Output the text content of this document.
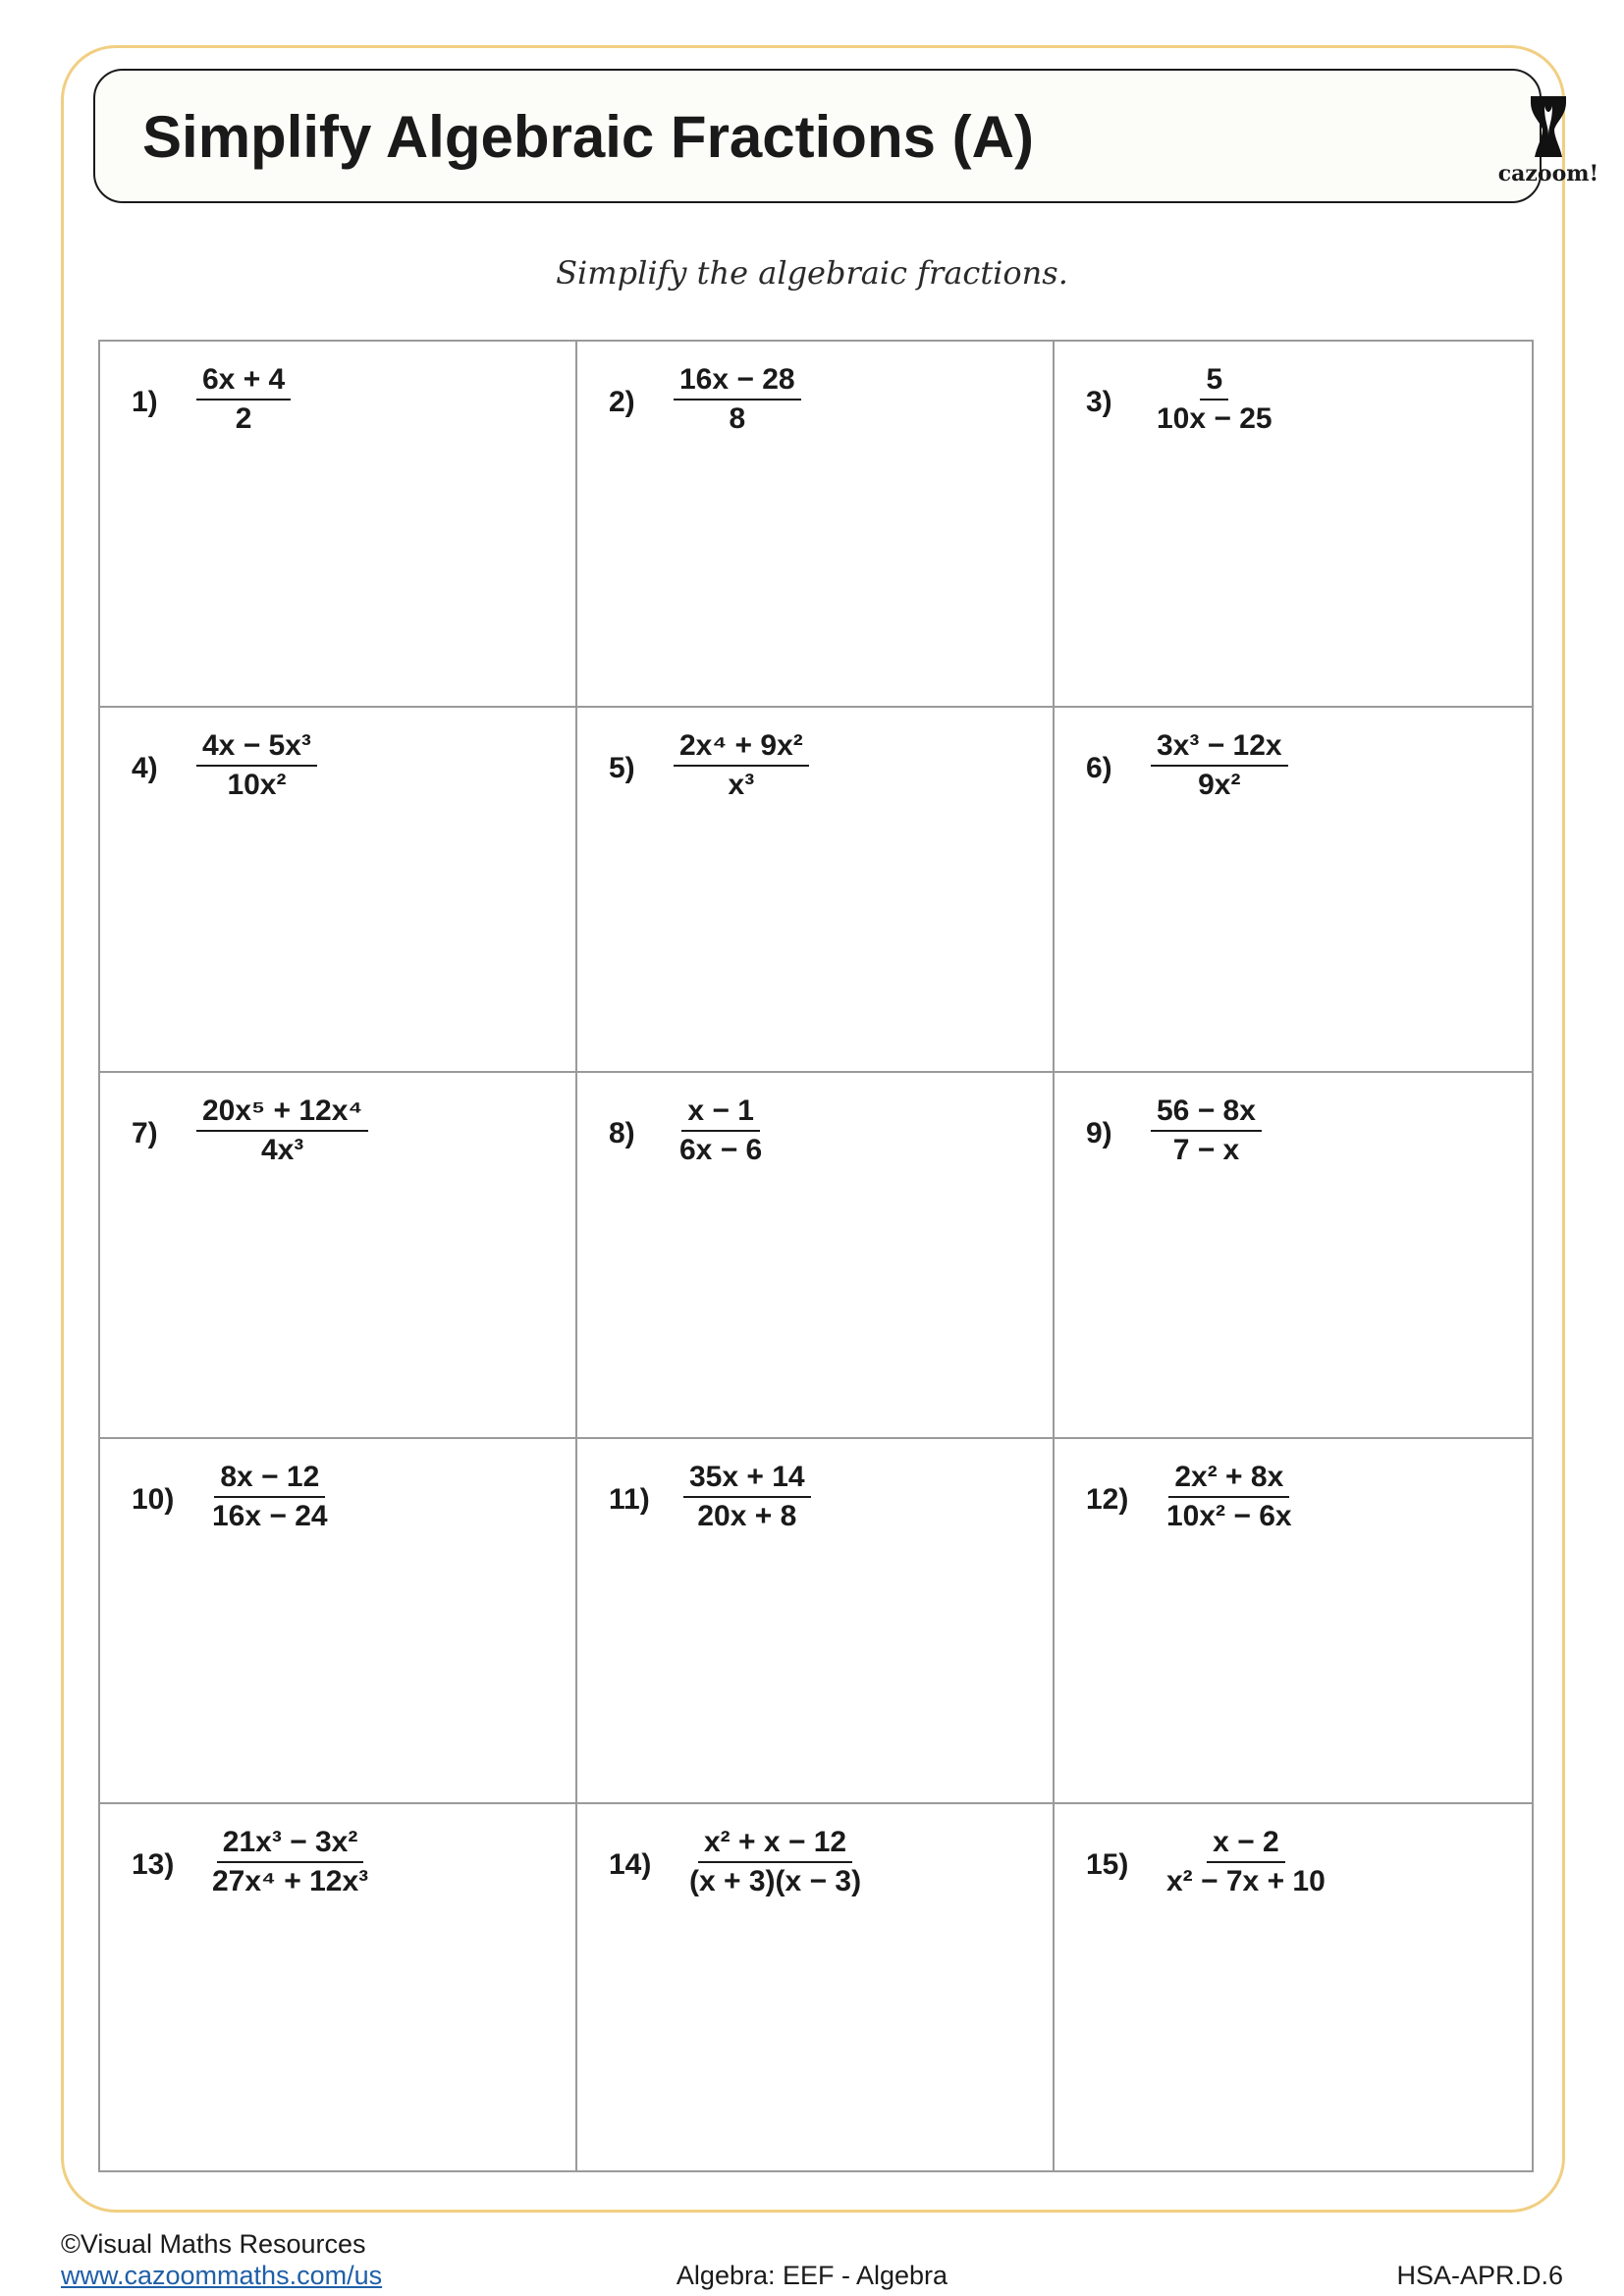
Simplify Algebraic Fractions (A)
cazoom!
Simplify the algebraic fractions.
$1) \frac{6x + 4}{2}$	$2) \frac{16x - 28}{8}$	$3) \frac{5}{10x - 25}$
$4) \frac{\text{4x − 5x³}}{\text{10x²}}$	$5) \frac{\text{2x⁴ + 9x²}}{\text{x³}}$	$6) \frac{\text{3x³ − 12x}}{\text{9x²}}$
$7) \frac{\text{20x⁵ + 12x⁴}}{\text{4x³}}$	$8) \frac{x - 1}{6x - 6}$	$9) \frac{56 - 8x}{7 - x}$
$10) \frac{8x - 12}{16x - 24}$	$11) \frac{35x + 14}{20x + 8}$	$12) \frac{\text{2x² + 8x}}{\text{10x² − 6x}}$
$13) \frac{\text{21x³ − 3x²}}{\text{27x⁴ + 12x³}}$	$14) \frac{\text{x² + x − 12}}{(x + 3)(x - 3)}$	$15) \frac{x - 2}{\text{x² − 7x + 10}}$
©Visual Maths Resources
www.cazoommaths.com/us	Algebra: EEF - Algebra	HSA-APR.D.6
